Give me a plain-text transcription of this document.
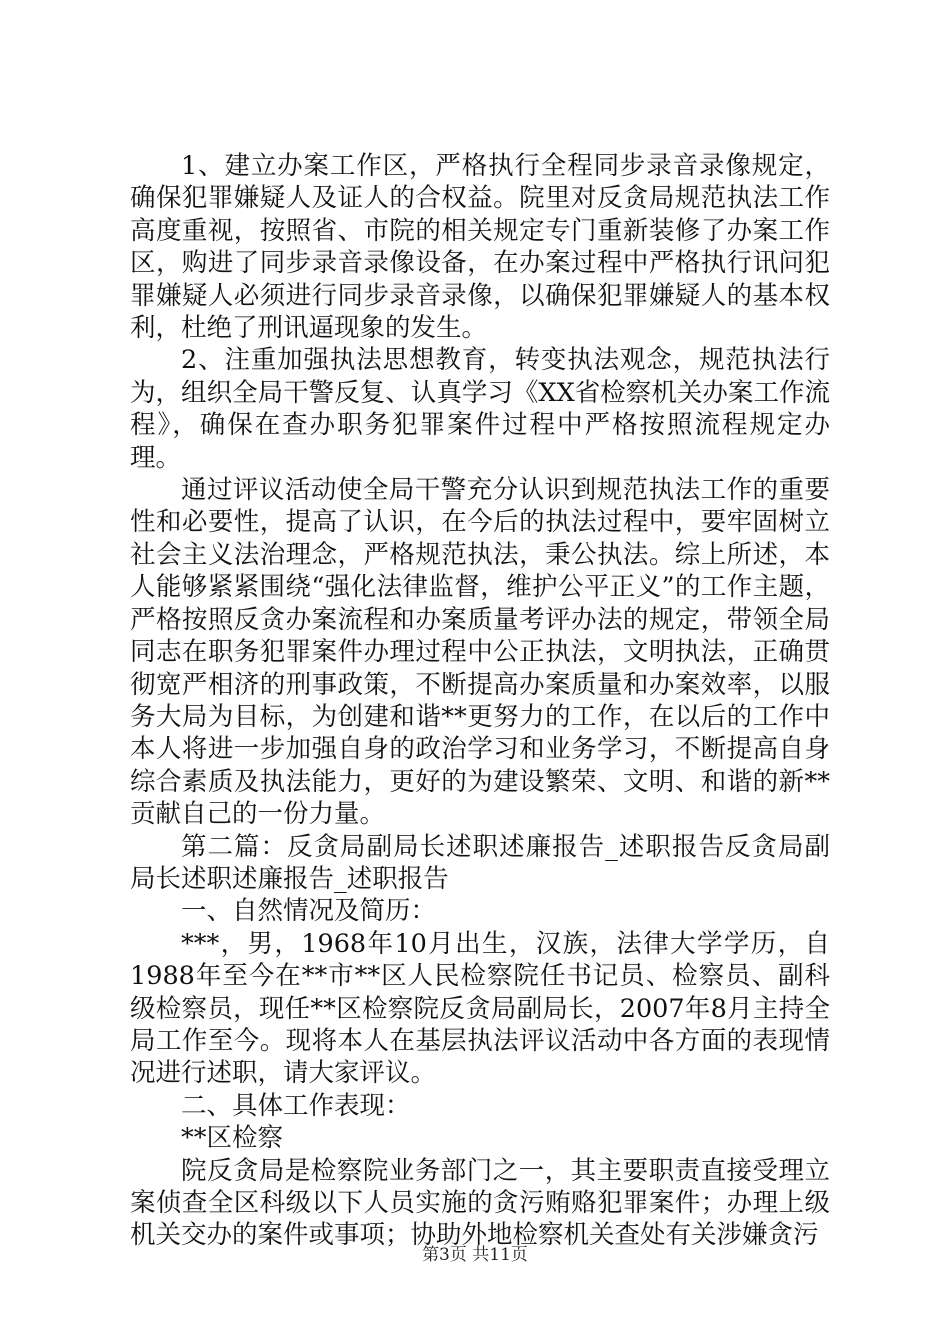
1、建立办案工作区，严格执行全程同步录音录像规定，确保犯罪嫌疑人及证人的合权益。院里对反贪局规范执法工作高度重视，按照省、市院的相关规定专门重新装修了办案工作区，购进了同步录音录像设备，在办案过程中严格执行讯问犯罪嫌疑人必须进行同步录音录像，以确保犯罪嫌疑人的基本权利，杜绝了刑讯逼现象的发生。

2、注重加强执法思想教育，转变执法观念，规范执法行为，组织全局干警反复、认真学习《XX省检察机关办案工作流程》，确保在查办职务犯罪案件过程中严格按照流程规定办理。

通过评议活动使全局干警充分认识到规范执法工作的重要性和必要性，提高了认识，在今后的执法过程中，要牢固树立社会主义法治理念，严格规范执法，秉公执法。综上所述，本人能够紧紧围绕“强化法律监督，维护公平正义”的工作主题，严格按照反贪办案流程和办案质量考评办法的规定，带领全局同志在职务犯罪案件办理过程中公正执法，文明执法，正确贯彻宽严相济的刑事政策，不断提高办案质量和办案效率，以服务大局为目标，为创建和谐**更努力的工作，在以后的工作中本人将进一步加强自身的政治学习和业务学习，不断提高自身综合素质及执法能力，更好的为建设繁荣、文明、和谐的新**贡献自己的一份力量。

第二篇：反贪局副局长述职述廉报告_述职报告反贪局副局长述职述廉报告_述职报告

一、自然情况及简历：

***，男，1968年10月出生，汉族，法律大学学历，自1988年至今在**市**区人民检察院任书记员、检察员、副科级检察员，现任**区检察院反贪局副局长，2007年8月主持全局工作至今。现将本人在基层执法评议活动中各方面的表现情况进行述职，请大家评议。

二、具体工作表现：

**区检察

院反贪局是检察院业务部门之一，其主要职责直接受理立案侦查全区科级以下人员实施的贪污贿赂犯罪案件；办理上级机关交办的案件或事项；协助外地检察机关查处有关涉嫌贪污

第3页 共11页
